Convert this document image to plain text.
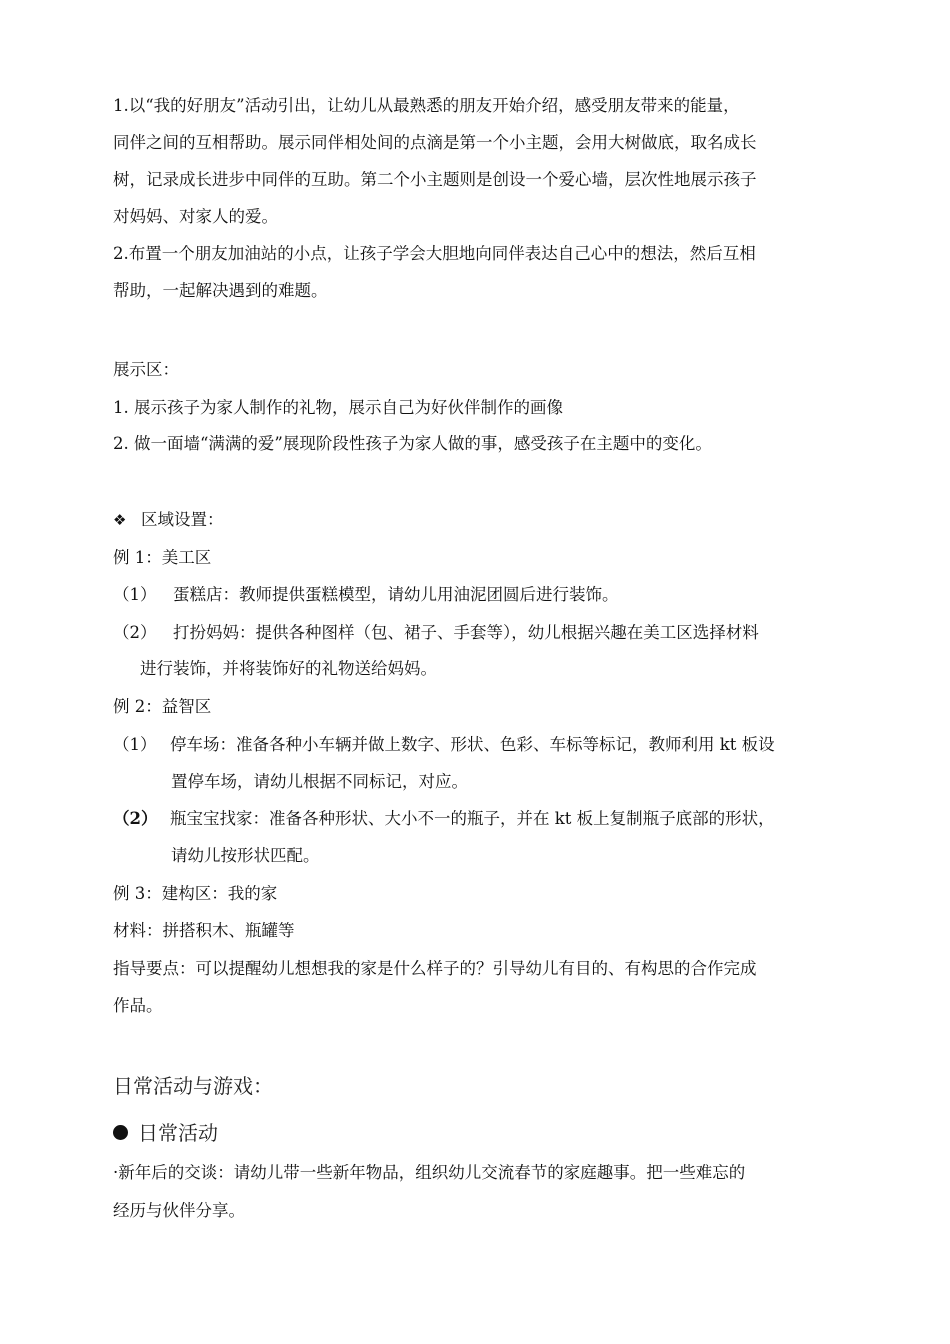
1.以“我的好朋友”活动引出，让幼儿从最熟悉的朋友开始介绍，感受朋友带来的能量，
同伴之间的互相帮助。展示同伴相处间的点滴是第一个小主题，会用大树做底，取名成长
树，记录成长进步中同伴的互助。第二个小主题则是创设一个爱心墙，层次性地展示孩子
对妈妈、对家人的爱。
2.布置一个朋友加油站的小点，让孩子学会大胆地向同伴表达自己心中的想法，然后互相
帮助，一起解决遇到的难题。
展示区：
1. 展示孩子为家人制作的礼物，展示自己为好伙伴制作的画像
2. 做一面墙“满满的爱”展现阶段性孩子为家人做的事，感受孩子在主题中的变化。
❖ 区域设置：
例 1：美工区
（1） 蛋糕店：教师提供蛋糕模型，请幼儿用油泥团圆后进行装饰。
（2） 打扮妈妈：提供各种图样（包、裙子、手套等），幼儿根据兴趣在美工区选择材料
进行装饰，并将装饰好的礼物送给妈妈。
例 2：益智区
（1） 停车场：准备各种小车辆并做上数字、形状、色彩、车标等标记，教师利用 kt 板设
置停车场，请幼儿根据不同标记，对应。
（2） 瓶宝宝找家：准备各种形状、大小不一的瓶子，并在 kt 板上复制瓶子底部的形状，
请幼儿按形状匹配。
例 3：建构区：我的家
材料：拼搭积木、瓶罐等
指导要点：可以提醒幼儿想想我的家是什么样子的？引导幼儿有目的、有构思的合作完成
作品。
日常活动与游戏：
日常活动
·新年后的交谈：请幼儿带一些新年物品，组织幼儿交流春节的家庭趣事。把一些难忘的
经历与伙伴分享。
